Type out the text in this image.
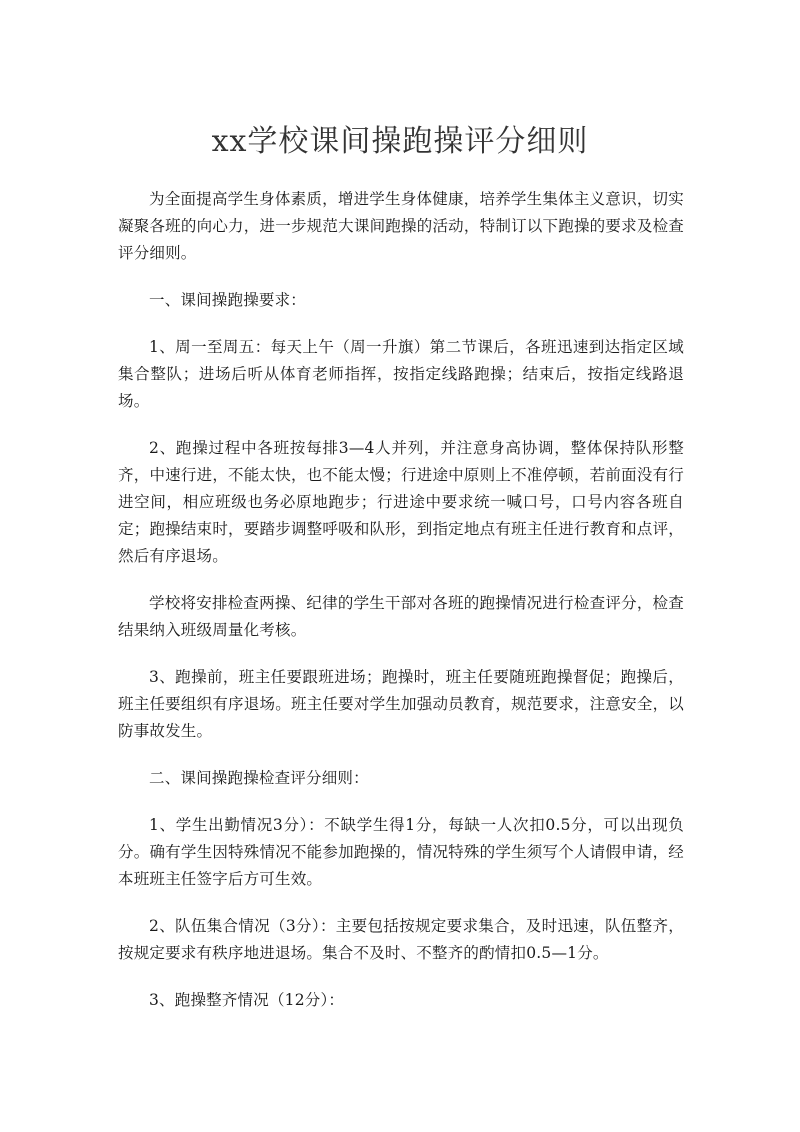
xx学校课间操跑操评分细则

为全面提高学生身体素质，增进学生身体健康，培养学生集体主义意识，切实凝聚各班的向心力，进一步规范大课间跑操的活动，特制订以下跑操的要求及检查评分细则。

一、课间操跑操要求：

1、周一至周五：每天上午（周一升旗）第二节课后，各班迅速到达指定区域集合整队；进场后听从体育老师指挥，按指定线路跑操；结束后，按指定线路退场。

2、跑操过程中各班按每排3—4人并列，并注意身高协调，整体保持队形整齐，中速行进，不能太快，也不能太慢；行进途中原则上不准停顿，若前面没有行进空间，相应班级也务必原地跑步；行进途中要求统一喊口号，口号内容各班自定；跑操结束时，要踏步调整呼吸和队形，到指定地点有班主任进行教育和点评，然后有序退场。

学校将安排检查两操、纪律的学生干部对各班的跑操情况进行检查评分，检查结果纳入班级周量化考核。

3、跑操前，班主任要跟班进场；跑操时，班主任要随班跑操督促；跑操后，班主任要组织有序退场。班主任要对学生加强动员教育，规范要求，注意安全，以防事故发生。

二、课间操跑操检查评分细则：

1、学生出勤情况3分）：不缺学生得1分，每缺一人次扣0.5分，可以出现负分。确有学生因特殊情况不能参加跑操的，情况特殊的学生须写个人请假申请，经本班班主任签字后方可生效。

2、队伍集合情况（3分）：主要包括按规定要求集合，及时迅速，队伍整齐，按规定要求有秩序地进退场。集合不及时、不整齐的酌情扣0.5—1分。

3、跑操整齐情况（12分）：
